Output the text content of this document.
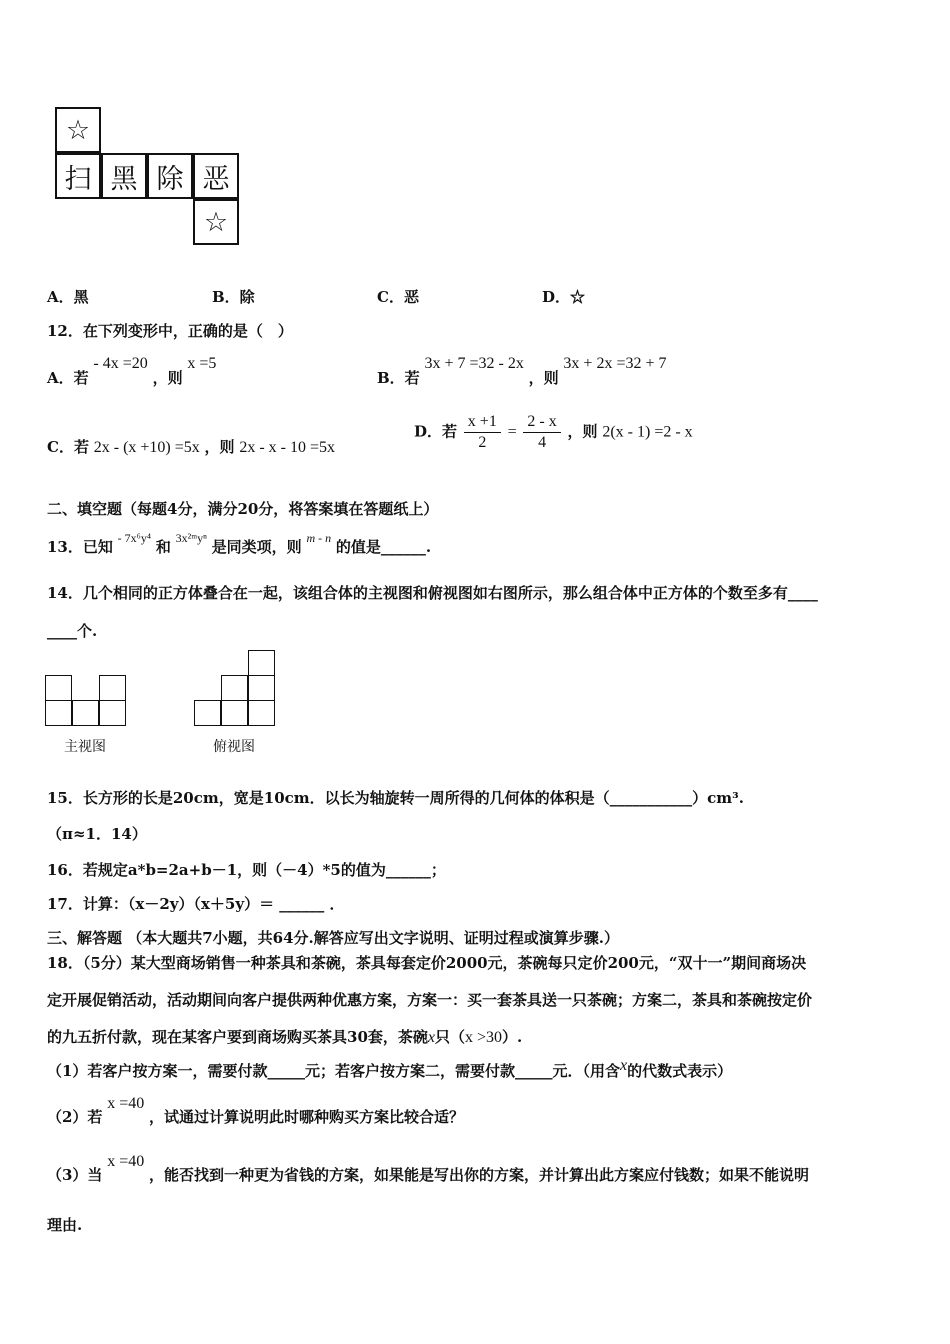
☆
扫 黑 除 恶
☆
A．黑	B．除	C．恶	D．☆
12．在下列变形中，正确的是（　）
A．若 - 4x =20 ，则 x =5
B．若 3x + 7 =32 - 2x ，则 3x + 2x =32 + 7
C．若 2x - (x +10) =5x ，则 2x - x - 10 =5x
D．若 $\frac{x +1}{2} = \frac{2 - x}{4}$ ，则 2(x - 1) =2 - x
二、填空题（每题4分，满分20分，将答案填在答题纸上）
13．已知 - 7x⁶y⁴ 和 3x²ᵐyⁿ 是同类项，则 m - n 的值是______.
14．几个相同的正方体叠合在一起，该组合体的主视图和俯视图如右图所示，那么组合体中正方体的个数至多有____
____个.
主视图	俯视图
15．长方形的长是20cm，宽是10cm．以长为轴旋转一周所得的几何体的体积是（___________）cm³.
（π≈1．14）
16．若规定a*b=2a+b－1，则（－4）*5的值为______；
17．计算：（x－2y）（x＋5y）＝ ______ ．
三、解答题 （本大题共7小题，共64分.解答应写出文字说明、证明过程或演算步骤.）
18．（5分）某大型商场销售一种茶具和茶碗，茶具每套定价2000元，茶碗每只定价200元，“双十一”期间商场决
定开展促销活动，活动期间向客户提供两种优惠方案，方案一：买一套茶具送一只茶碗；方案二，茶具和茶碗按定价
的九五折付款，现在某客户要到商场购买茶具30套，茶碗x只（x >30）.
（1）若客户按方案一，需要付款_____元；若客户按方案二，需要付款_____元．（用含x的代数式表示）
（2）若 x =40 ，试通过计算说明此时哪种购买方案比较合适？
（3）当 x =40 ，能否找到一种更为省钱的方案，如果能是写出你的方案，并计算出此方案应付钱数；如果不能说明
理由.
